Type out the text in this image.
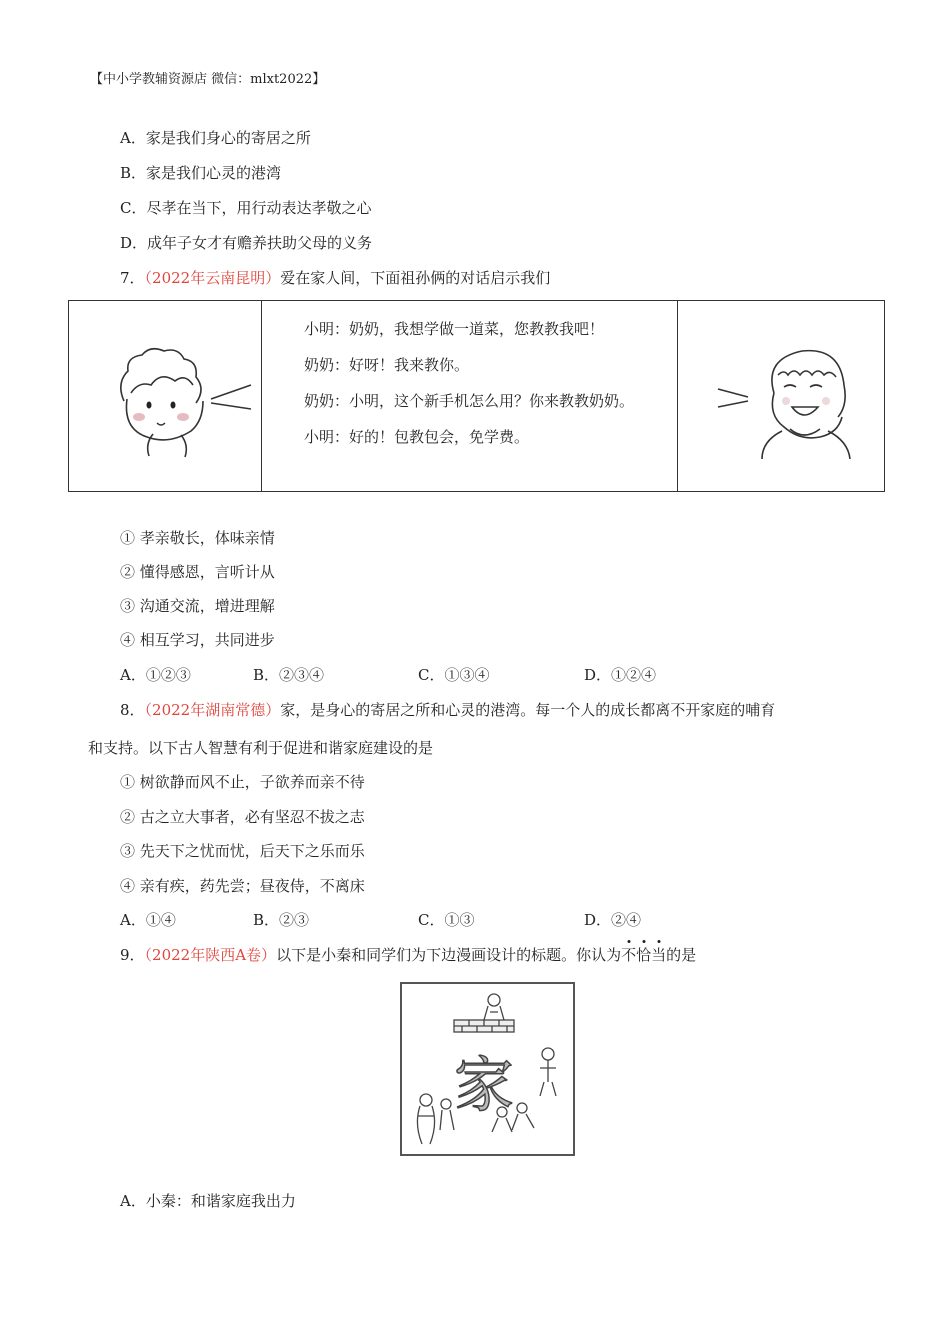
【中小学教辅资源店 微信：mlxt2022】
A．家是我们身心的寄居之所
B．家是我们心灵的港湾
C．尽孝在当下，用行动表达孝敬之心
D．成年子女才有赡养扶助父母的义务
7．（2022年云南昆明）爱在家人间，下面祖孙俩的对话启示我们

小明：奶奶，我想学做一道菜，您教教我吧！

奶奶：好呀！我来教你。

奶奶：小明，这个新手机怎么用？你来教教奶奶。

小明：好的！包教包会，免学费。

① 孝亲敬长，体味亲情
② 懂得感恩，言听计从
③ 沟通交流，增进理解
④ 相互学习，共同进步
A．①②③	B．②③④	C．①③④	D．①②④
8．（2022年湖南常德）家，是身心的寄居之所和心灵的港湾。每一个人的成长都离不开家庭的哺育
和支持。以下古人智慧有利于促进和谐家庭建设的是
① 树欲静而风不止，子欲养而亲不待
② 古之立大事者，必有坚忍不拔之志
③ 先天下之忧而忧，后天下之乐而乐
④ 亲有疾，药先尝；昼夜侍，不离床
A．①④	B．②③	C．①③	D．②④
9．（2022年陕西A卷）以下是小秦和同学们为下边漫画设计的标题。你认为不恰当的是
家
A．小秦：和谐家庭我出力
